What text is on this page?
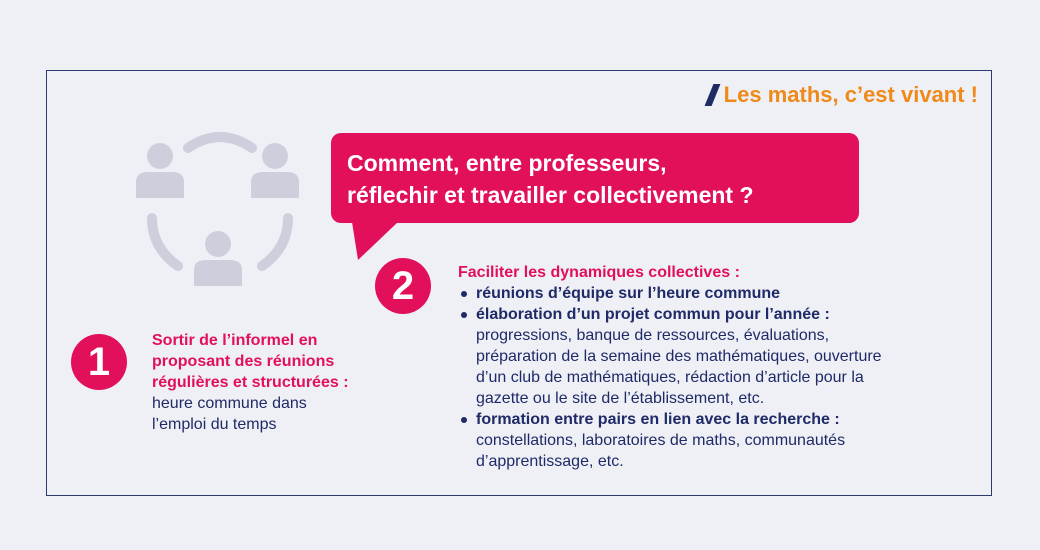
Les maths, c’est vivant !
Comment, entre professeurs,
réflechir et travailler collectivement ?
1	Sortir de l’informel en
proposant des réunions
régulières et structurées :
heure commune dans
l’emploi du temps
2	Faciliter les dynamiques collectives :
réunions d’équipe sur l’heure commune
élaboration d’un projet commun pour l’année :
progressions, banque de ressources, évaluations,
préparation de la semaine des mathématiques, ouverture
d’un club de mathématiques, rédaction d’article pour la
gazette ou le site de l’établissement, etc.
formation entre pairs en lien avec la recherche :
constellations, laboratoires de maths, communautés
d’apprentissage, etc.
